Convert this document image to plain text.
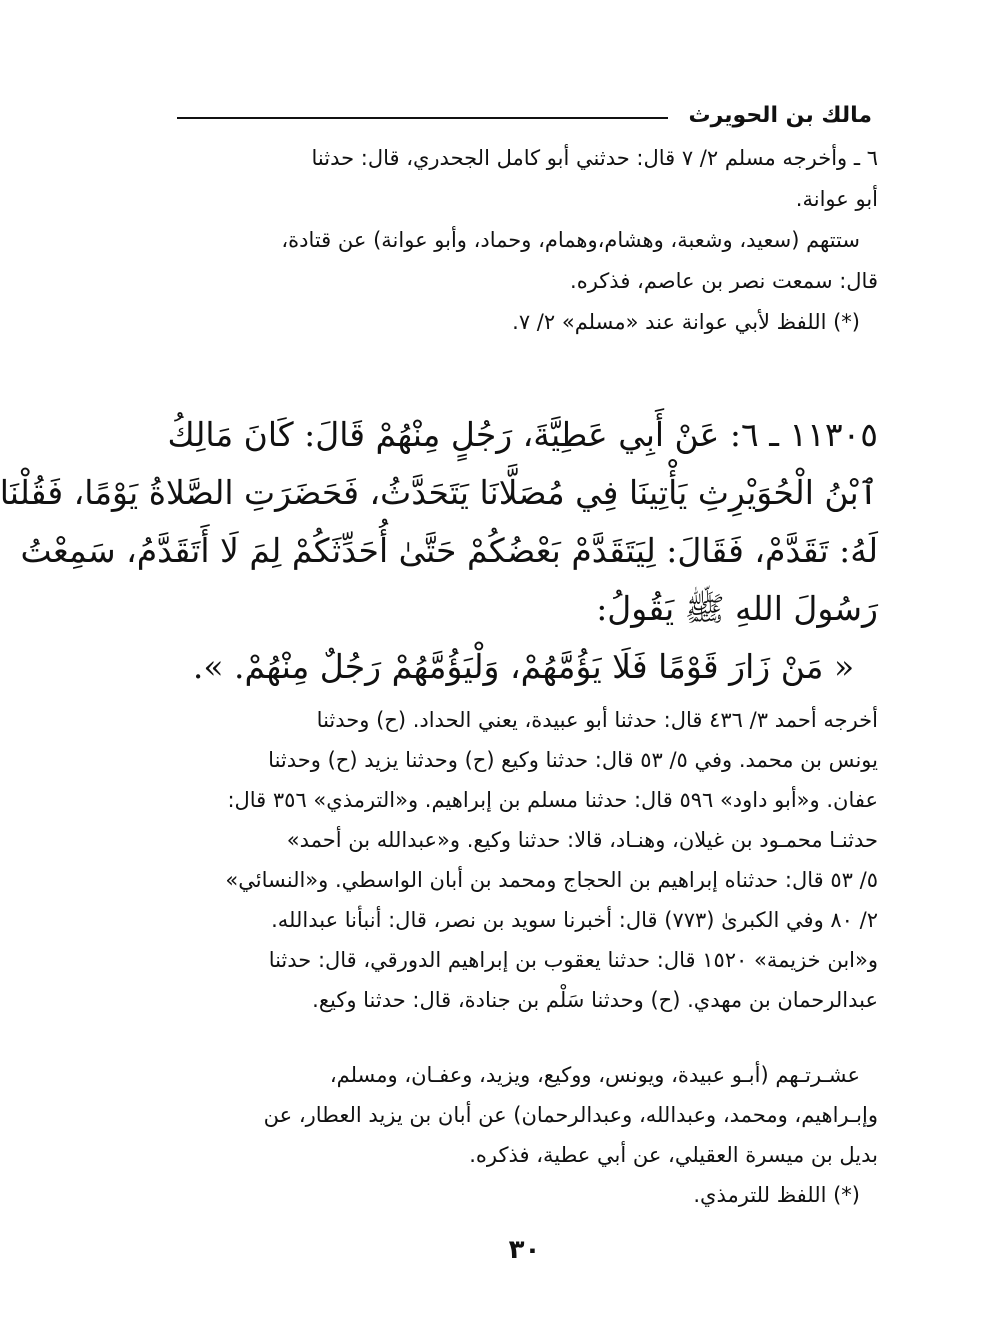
مالك بن الحويرث
٦ ـ وأخرجه مسلم ٢/ ٧ قال: حدثني أبو كامل الجحدري، قال: حدثنا
أبو عوانة.
ستتهم (سعيد، وشعبة، وهشام،وهمام، وحماد، وأبو عوانة) عن قتادة،
قال: سمعت نصر بن عاصم، فذكره.
(*) اللفظ لأبي عوانة عند «مسلم» ٢/ ٧.
١١٣٠٥ ـ ٦: عَنْ أَبِي عَطِيَّةَ، رَجُلٍ مِنْهُمْ قَالَ: كَانَ مَالِكُ
ٱبْنُ الْحُوَيْرِثِ يَأْتِينَا فِي مُصَلَّانَا يَتَحَدَّثُ، فَحَضَرَتِ الصَّلاةُ يَوْمًا، فَقُلْنَا
لَهُ: تَقَدَّمْ، فَقَالَ: لِيَتَقَدَّمْ بَعْضُكُمْ حَتَّىٰ أُحَدِّثَكُمْ لِمَ لَا أَتَقَدَّمُ، سَمِعْتُ
رَسُولَ اللهِ ﷺ يَقُولُ:
« مَنْ زَارَ قَوْمًا فَلَا يَؤُمَّهُمْ، وَلْيَؤُمَّهُمْ رَجُلٌ مِنْهُمْ. ».
أخرجه أحمد ٣/ ٤٣٦ قال: حدثنا أبو عبيدة، يعني الحداد. (ح) وحدثنا
يونس بن محمد. وفي ٥/ ٥٣ قال: حدثنا وكيع (ح) وحدثنا يزيد (ح) وحدثنا
عفان. و«أبو داود» ٥٩٦ قال: حدثنا مسلم بن إبراهيم. و«الترمذي» ٣٥٦ قال:
حدثنـا محمـود بن غيلان، وهنـاد، قالا: حدثنا وكيع. و«عبدالله بن أحمد»
٥/ ٥٣ قال: حدثناه إبراهيم بن الحجاج ومحمد بن أبان الواسطي. و«النسائي»
٢/ ٨٠ وفي الكبرىٰ (٧٧٣) قال: أخبرنا سويد بن نصر، قال: أنبأنا عبدالله.
و«ابن خزيمة» ١٥٢٠ قال: حدثنا يعقوب بن إبراهيم الدورقي، قال: حدثنا
عبدالرحمان بن مهدي. (ح) وحدثنا سَلْم بن جنادة، قال: حدثنا وكيع.
عشـرتـهم (أبـو عبيدة، ويونس، ووكيع، ويزيد، وعفـان، ومسلم،
وإبـراهيم، ومحمد، وعبدالله، وعبدالرحمان) عن أبان بن يزيد العطار، عن
بديل بن ميسرة العقيلي، عن أبي عطية، فذكره.
(*) اللفظ للترمذي.
٣٠
